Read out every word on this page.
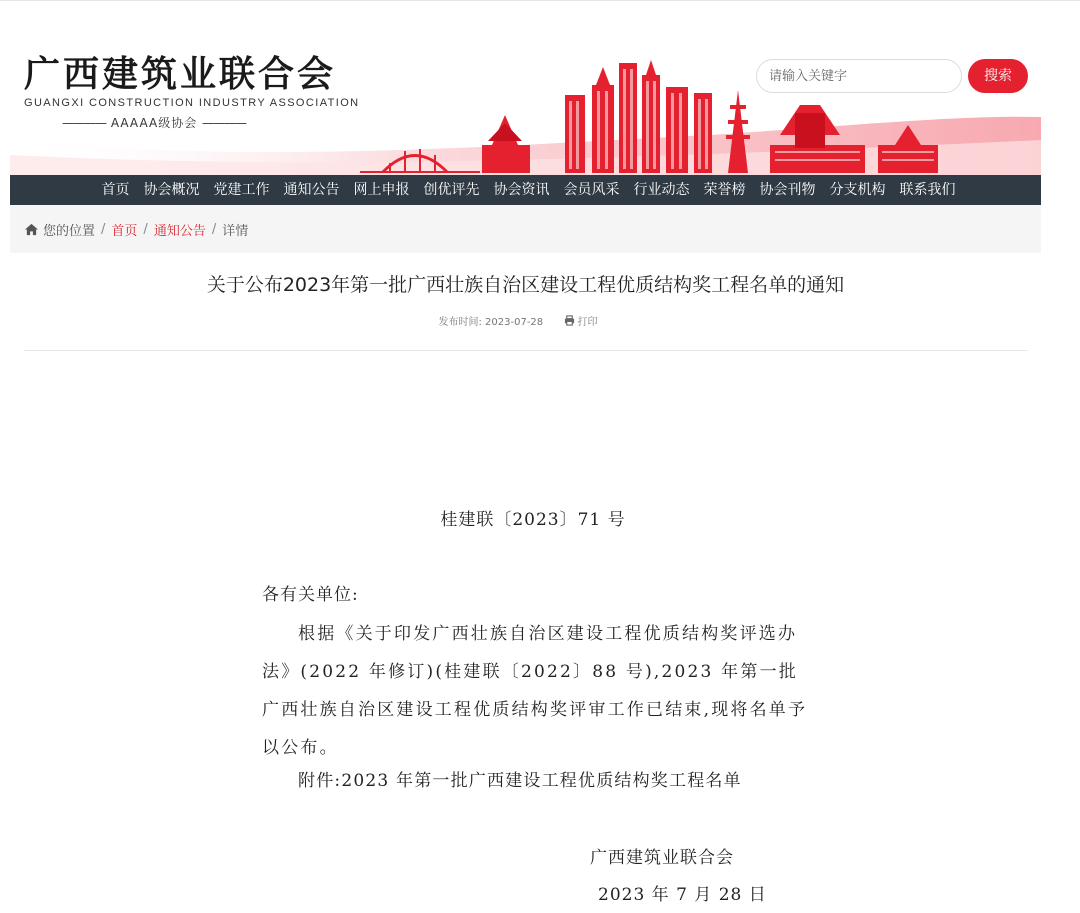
广西建筑业联合会
GUANGXI CONSTRUCTION INDUSTRY ASSOCIATION
———— AAAAA级协会 ————
请输入关键字
搜索
首页 协会概况 党建工作 通知公告 网上申报 创优评先 协会资讯 会员风采 行业动态 荣誉榜 协会刊物 分支机构 联系我们
您的位置 / 首页 / 通知公告 / 详情
关于公布2023年第一批广西壮族自治区建设工程优质结构奖工程名单的通知
发布时间: 2023-07-28	打印
桂建联〔2023〕71 号
各有关单位:
根据《关于印发广西壮族自治区建设工程优质结构奖评选办法》(2022 年修订)(桂建联〔2022〕88 号),2023 年第一批广西壮族自治区建设工程优质结构奖评审工作已结束,现将名单予以公布。
附件:2023 年第一批广西建设工程优质结构奖工程名单
广西建筑业联合会
2023 年 7 月 28 日
